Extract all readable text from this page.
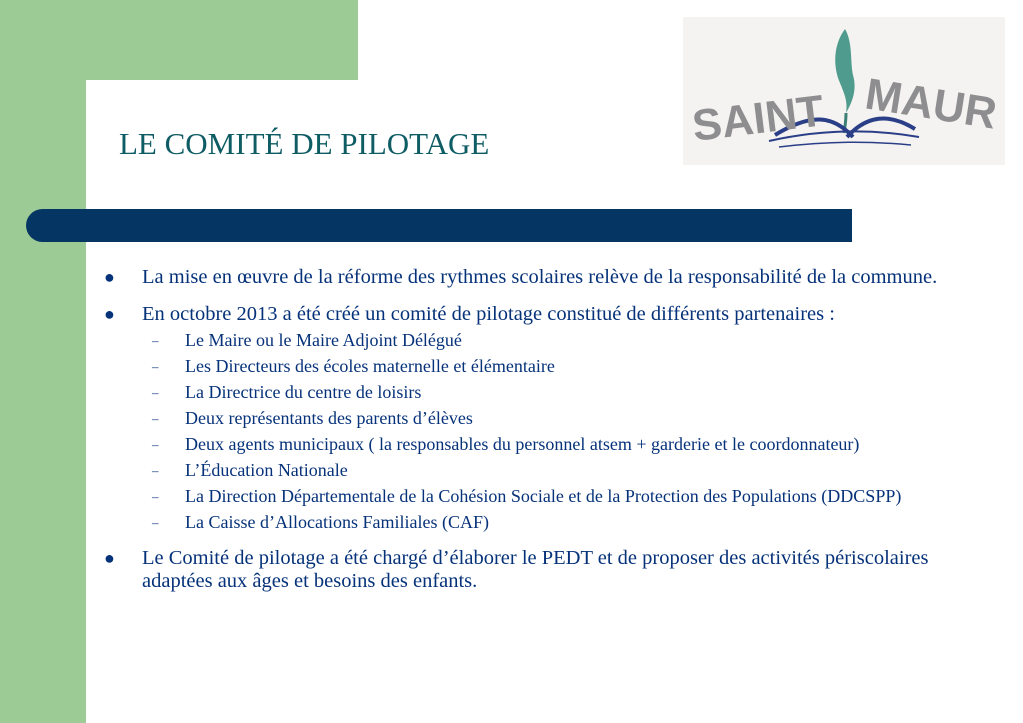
LE COMITÉ DE PILOTAGE	SAINT MAUR
● La mise en œuvre de la réforme des rythmes scolaires relève de la responsabilité de la commune.
● En octobre 2013 a été créé un comité de pilotage constitué de différents partenaires :
– Le Maire ou le Maire Adjoint Délégué
– Les Directeurs des écoles maternelle et élémentaire
– La Directrice du centre de loisirs
– Deux représentants des parents d’élèves
– Deux agents municipaux ( la responsables du personnel atsem + garderie et le coordonnateur)
– L’Éducation Nationale
– La Direction Départementale de la Cohésion Sociale et de la Protection des Populations (DDCSPP)
– La Caisse d’Allocations Familiales (CAF)
● Le Comité de pilotage a été chargé d’élaborer le PEDT et de proposer des activités périscolaires adaptées aux âges et besoins des enfants.
